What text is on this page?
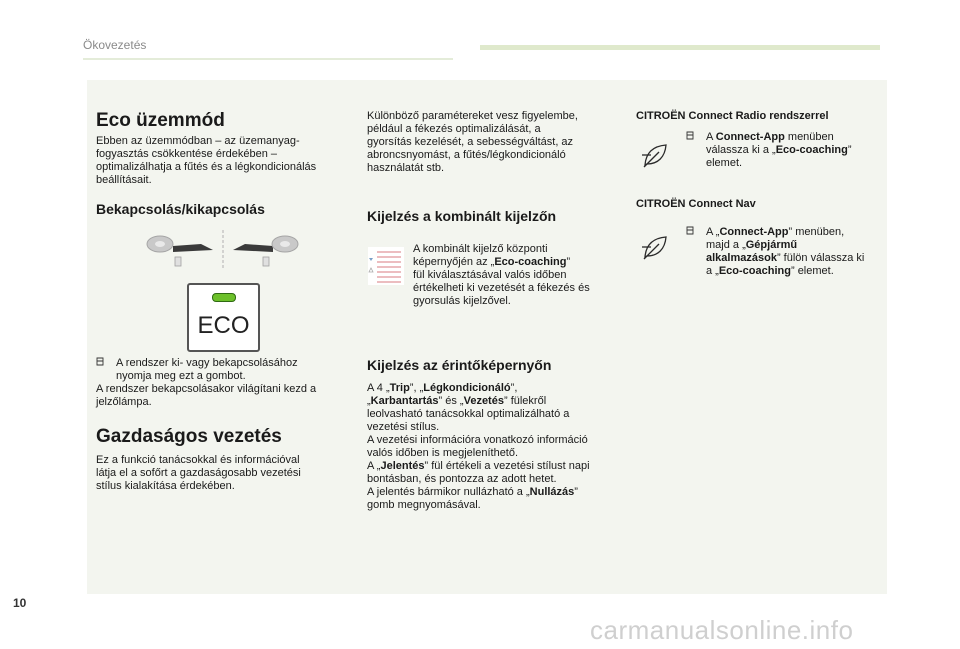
Ökovezetés
Eco üzemmód

Ebben az üzemmódban – az üzemanyag-

fogyasztás csökkentése érdekében –

optimalizálhatja a fűtés és a légkondicionálás

beállításait.

Bekapcsolás/kikapcsolás
ECO

A rendszer ki- vagy bekapcsolásához

nyomja meg ezt a gombot.

A rendszer bekapcsolásakor világítani kezd a

jelzőlámpa.

Gazdaságos vezetés

Ez a funkció tanácsokkal és információval

látja el a sofőrt a gazdaságosabb vezetési

stílus kialakítása érdekében.

Különböző paramétereket vesz figyelembe,

például a fékezés optimalizálását, a

gyorsítás kezelését, a sebességváltást, az

abroncsnyomást, a fűtés/légkondicionáló

használatát stb.

Kijelzés a kombinált kijelzőn

A kombinált kijelző központi

képernyőjén az „Eco-coaching”

fül kiválasztásával valós időben

értékelheti ki vezetését a fékezés és

gyorsulás kijelzővel.

Kijelzés az érintőképernyőn

A 4 „Trip”, „Légkondicionáló”,

„Karbantartás” és „Vezetés” fülekről

leolvasható tanácsokkal optimalizálható a

vezetési stílus.

A vezetési információra vonatkozó információ

valós időben is megjeleníthető.

A „Jelentés” fül értékeli a vezetési stílust napi

bontásban, és pontozza az adott hetet.

A jelentés bármikor nullázható a „Nullázás”

gomb megnyomásával.

CITROËN Connect Radio rendszerrel

A Connect-App menüben

válassza ki a „Eco-coaching”

elemet.

CITROËN Connect Nav

A „Connect-App” menüben,

majd a „Gépjármű

alkalmazások” fülön válassza ki

a „Eco-coaching” elemet.

10
carmanualsonline.info
